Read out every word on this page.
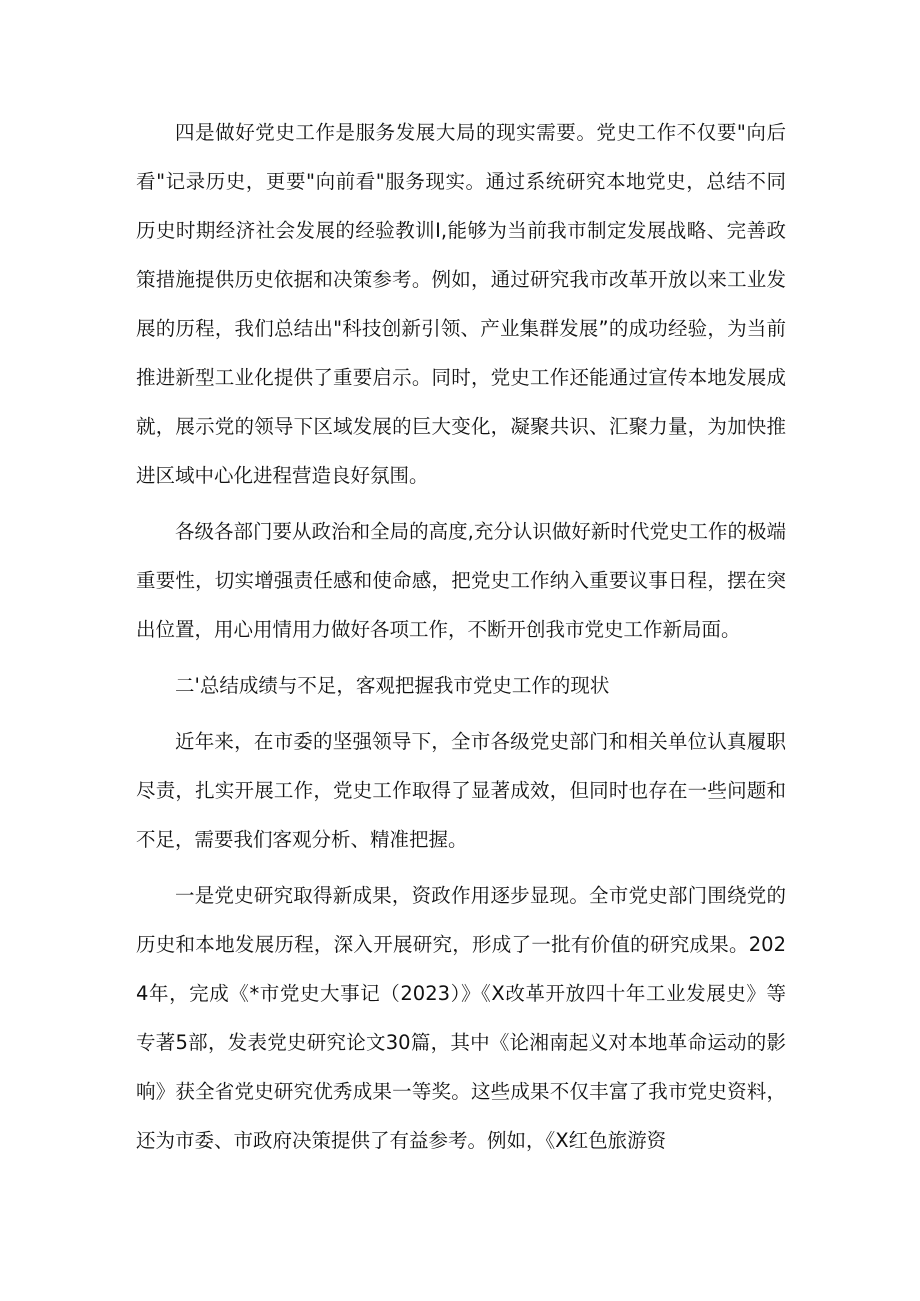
四是做好党史工作是服务发展大局的现实需要。党史工作不仅要"向后看"记录历史，更要"向前看"服务现实。通过系统研究本地党史，总结不同历史时期经济社会发展的经验教训I,能够为当前我市制定发展战略、完善政策措施提供历史依据和决策参考。例如，通过研究我市改革开放以来工业发展的历程，我们总结出"科技创新引领、产业集群发展”的成功经验，为当前推进新型工业化提供了重要启示。同时，党史工作还能通过宣传本地发展成就，展示党的领导下区域发展的巨大变化，凝聚共识、汇聚力量，为加快推进区域中心化进程营造良好氛围。

各级各部门要从政治和全局的高度,充分认识做好新时代党史工作的极端重要性，切实增强责任感和使命感，把党史工作纳入重要议事日程，摆在突出位置，用心用情用力做好各项工作，不断开创我市党史工作新局面。

二'总结成绩与不足，客观把握我市党史工作的现状

近年来，在市委的坚强领导下，全市各级党史部门和相关单位认真履职尽责，扎实开展工作，党史工作取得了显著成效，但同时也存在一些问题和不足，需要我们客观分析、精准把握。

一是党史研究取得新成果，资政作用逐步显现。全市党史部门围绕党的历史和本地发展历程，深入开展研究，形成了一批有价值的研究成果。2024年，完成《*市党史大事记（2023）》《X改革开放四十年工业发展史》等专著5部，发表党史研究论文30篇，其中《论湘南起义对本地革命运动的影响》获全省党史研究优秀成果一等奖。这些成果不仅丰富了我市党史资料，还为市委、市政府决策提供了有益参考。例如，《X红色旅游资
